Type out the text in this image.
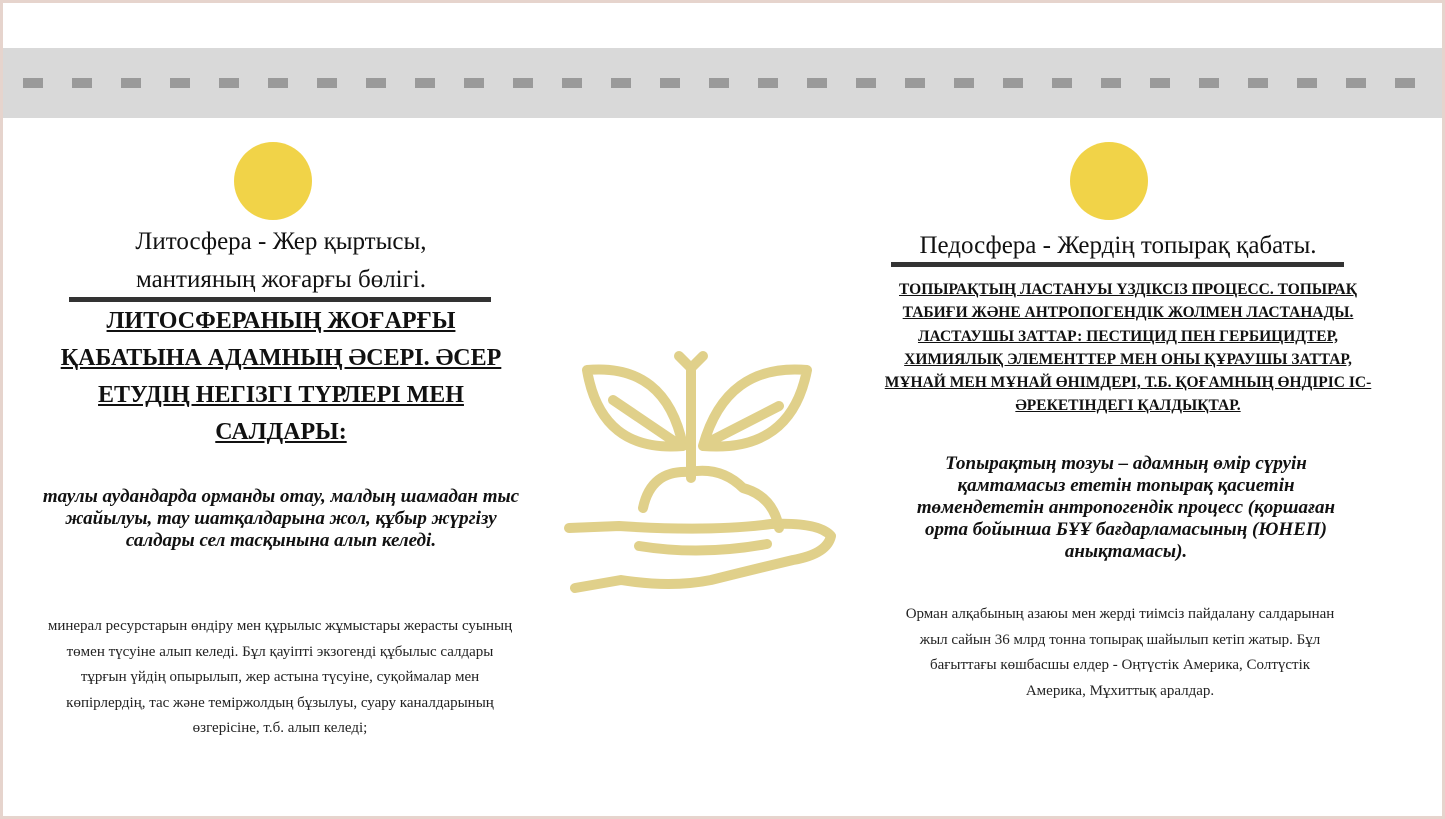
Литосфера - Жер қыртысы,
мантияның жоғарғы бөлігі.
ЛИТОСФЕРАНЫҢ ЖОҒАРҒЫ ҚАБАТЫНА АДАМНЫҢ ӘСЕРІ. ӘСЕР ЕТУДІҢ НЕГІЗГІ ТҮРЛЕРІ МЕН САЛДАРЫ:
таулы аудандарда орманды отау, малдың шамадан тыс жайылуы, тау шатқалдарына жол, құбыр жүргізу салдары сел тасқынына алып келеді.
минерал ресурстарын өндіру мен құрылыс жұмыстары жерасты суының төмен түсуіне алып келеді. Бұл қауіпті экзогенді құбылыс салдары тұрғын үйдің опырылып, жер астына түсуіне, суқоймалар мен көпірлердің, тас және теміржолдың бұзылуы, суару каналдарының өзгерісіне, т.б. алып келеді;
Педосфера - Жердің топырақ қабаты.
ТОПЫРАҚТЫҢ ЛАСТАНУЫ ҮЗДІКСІЗ ПРОЦЕСС. ТОПЫРАҚ ТАБИҒИ ЖӘНЕ АНТРОПОГЕНДІК ЖОЛМЕН ЛАСТАНАДЫ. ЛАСТАУШЫ ЗАТТАР: ПЕСТИЦИД ПЕН ГЕРБИЦИДТЕР, ХИМИЯЛЫҚ ЭЛЕМЕНТТЕР МЕН ОНЫ ҚҰРАУШЫ ЗАТТАР, МҰНАЙ МЕН МҰНАЙ ӨНІМДЕРІ, Т.Б. ҚОҒАМНЫҢ ӨНДІРІС ІС-ӘРЕКЕТІНДЕГІ ҚАЛДЫҚТАР.
Топырақтың тозуы – адамның өмір сүруін қамтамасыз ететін топырақ қасиетін төмендететін антропогендік процесс (қоршаған орта бойынша БҰҰ бағдарламасының (ЮНЕП) анықтамасы).
Орман алқабының азаюы мен жерді тиімсіз пайдалану салдарынан жыл сайын 36 млрд тонна топырақ шайылып кетіп жатыр. Бұл бағыттағы көшбасшы елдер - Оңтүстік Америка, Солтүстік Америка, Мұхиттық аралдар.
